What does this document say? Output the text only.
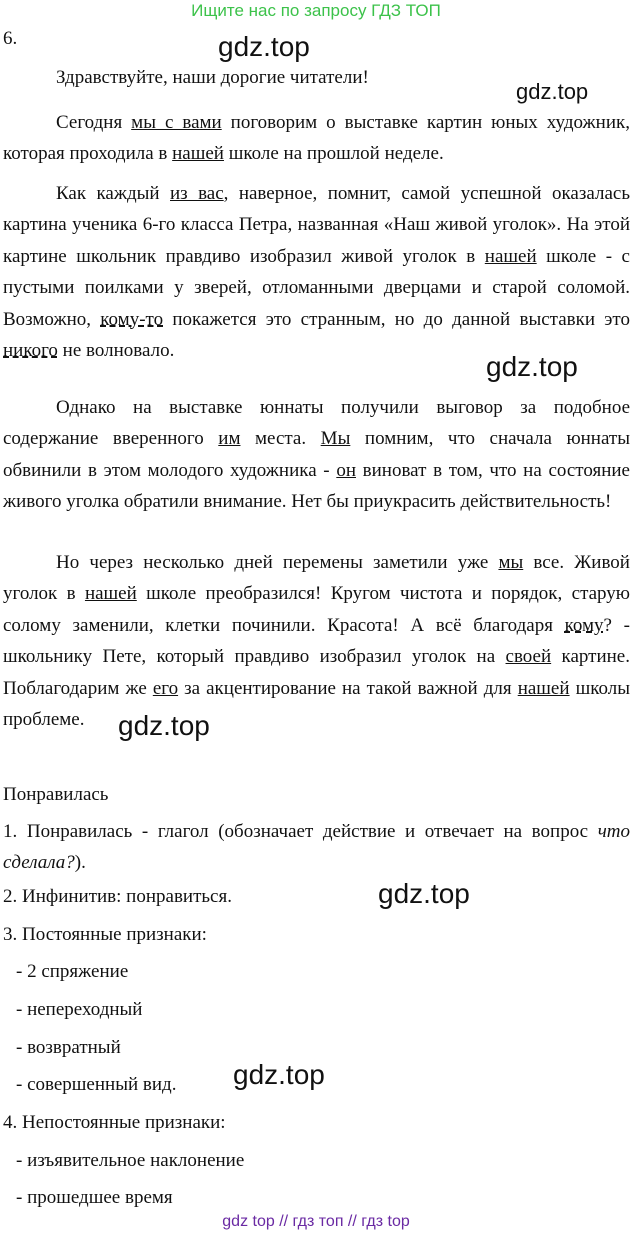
Ищите нас по запросу ГДЗ ТОП
6.	gdz.top
gdz.top
gdz.top
gdz.top
gdz.top
gdz.top
Здравствуйте, наши дорогие читатели!
Сегодня мы с вами поговорим о выставке картин юных художник, которая проходила в нашей школе на прошлой неделе.
Как каждый из вас, наверное, помнит, самой успешной оказалась картина ученика 6-го класса Петра, названная «Наш живой уголок». На этой картине школьник правдиво изобразил живой уголок в нашей школе - с пустыми поилками у зверей, отломанными дверцами и старой соломой. Возможно, кому-то покажется это странным, но до данной выставки это никого не волновало.
Однако на выставке юннаты получили выговор за подобное содержание вверенного им места. Мы помним, что сначала юннаты обвинили в этом молодого художника - он виноват в том, что на состояние живого уголка обратили внимание. Нет бы приукрасить действительность!
Но через несколько дней перемены заметили уже мы все. Живой уголок в нашей школе преобразился! Кругом чистота и порядок, старую солому заменили, клетки починили. Красота! А всё благодаря кому? - школьнику Пете, который правдиво изобразил уголок на своей картине. Поблагодарим же его за акцентирование на такой важной для нашей школы проблеме.
Понравилась
1. Понравилась - глагол (обозначает действие и отвечает на вопрос что сделала?).
2. Инфинитив: понравиться.
3. Постоянные признаки:
- 2 спряжение
- непереходный
- возвратный
- совершенный вид.
4. Непостоянные признаки:
- изъявительное наклонение
- прошедшее время
gdz top // гдз топ // гдз top
